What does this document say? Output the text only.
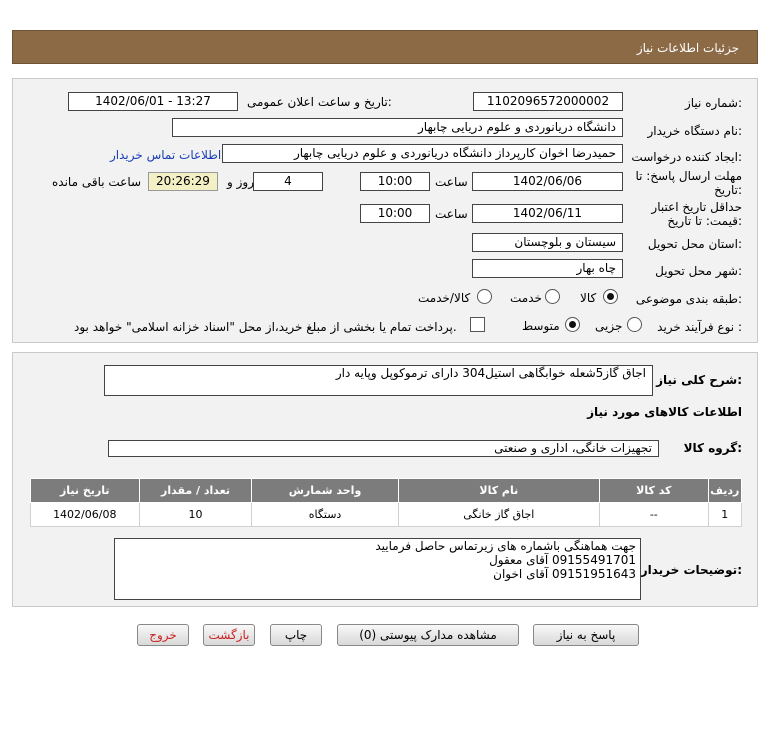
جزئیات اطلاعات نیاز
شماره نیاز:
1102096572000002
تاریخ و ساعت اعلان عمومی:
1402/06/01 - 13:27
نام دستگاه خریدار:
دانشگاه دریانوردی و علوم دریایی چابهار
ایجاد کننده درخواست:
حمیدرضا اخوان کارپرداز دانشگاه دریانوردی و علوم دریایی چابهار
اطلاعات تماس خریدار
مهلت ارسال پاسخ: تا
تاریخ:
1402/06/06
ساعت
10:00
4
روز و
20:26:29
ساعت باقی مانده
حداقل تاریخ اعتبار
قیمت: تا تاریخ:
1402/06/11
ساعت
10:00
استان محل تحویل:
سیستان و بلوچستان
شهر محل تحویل:
چاه بهار
طبقه بندی موضوعی:
کالا
خدمت
کالا/خدمت
نوع فرآیند خرید :
جزیی
متوسط
پرداخت تمام یا بخشی از مبلغ خرید،از محل "اسناد خزانه اسلامی" خواهد بود.
شرح کلی نیاز:
اجاق گاز5شعله خوابگاهی استیل304 دارای ترموکوپل وپایه دار
اطلاعات کالاهای مورد نیاز
گروه کالا:
تجهیزات خانگی، اداری و صنعتی
ردیف	کد کالا	نام کالا	واحد شمارش	تعداد / مقدار	تاریخ نیاز
1	--	اجاق گاز خانگی	دستگاه	10	1402/06/08
توضیحات خریدار:
جهت هماهنگی باشماره های زیرتماس حاصل فرمایید
09155491701 آقای معقول
09151951643 آقای اخوان
پاسخ به نیاز
مشاهده مدارک پیوستی (0)
چاپ
بازگشت
خروج
